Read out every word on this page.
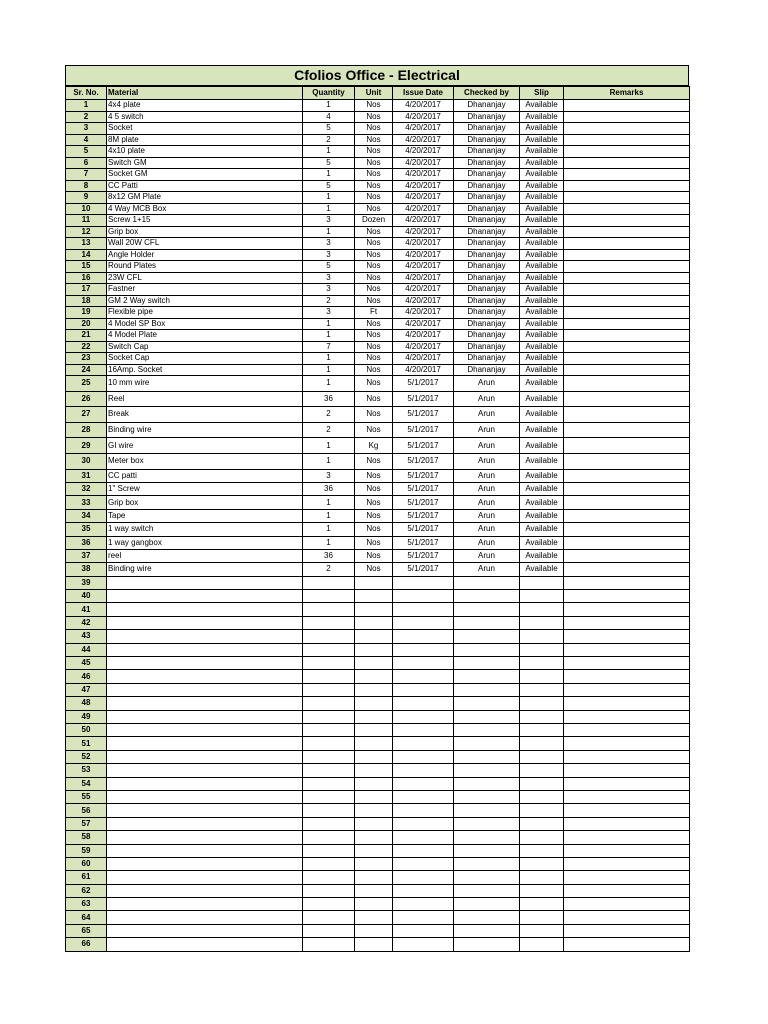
Cfolios Office - Electrical
Sr. No.	Material	Quantity	Unit	Issue Date	Checked by	Slip	Remarks
1	4x4 plate	1	Nos	4/20/2017	Dhananjay	Available	
2	4 5 switch	4	Nos	4/20/2017	Dhananjay	Available	
3	Socket	5	Nos	4/20/2017	Dhananjay	Available	
4	8M plate	2	Nos	4/20/2017	Dhananjay	Available	
5	4x10 plate	1	Nos	4/20/2017	Dhananjay	Available	
6	Switch GM	5	Nos	4/20/2017	Dhananjay	Available	
7	Socket GM	1	Nos	4/20/2017	Dhananjay	Available	
8	CC Patti	5	Nos	4/20/2017	Dhananjay	Available	
9	8x12 GM Plate	1	Nos	4/20/2017	Dhananjay	Available	
10	4 Way MCB Box	1	Nos	4/20/2017	Dhananjay	Available	
11	Screw 1+15	3	Dozen	4/20/2017	Dhananjay	Available	
12	Grip box	1	Nos	4/20/2017	Dhananjay	Available	
13	Wall 20W CFL	3	Nos	4/20/2017	Dhananjay	Available	
14	Angle Holder	3	Nos	4/20/2017	Dhananjay	Available	
15	Round Plates	5	Nos	4/20/2017	Dhananjay	Available	
16	23W CFL	3	Nos	4/20/2017	Dhananjay	Available	
17	Fastner	3	Nos	4/20/2017	Dhananjay	Available	
18	GM 2 Way switch	2	Nos	4/20/2017	Dhananjay	Available	
19	Flexible pipe	3	Ft	4/20/2017	Dhananjay	Available	
20	4 Model SP Box	1	Nos	4/20/2017	Dhananjay	Available	
21	4 Model Plate	1	Nos	4/20/2017	Dhananjay	Available	
22	Switch Cap	7	Nos	4/20/2017	Dhananjay	Available	
23	Socket Cap	1	Nos	4/20/2017	Dhananjay	Available	
24	16Amp. Socket	1	Nos	4/20/2017	Dhananjay	Available	
25	10 mm wire	1	Nos	5/1/2017	Arun	Available	
26	Reel	36	Nos	5/1/2017	Arun	Available	
27	Break	2	Nos	5/1/2017	Arun	Available	
28	Binding wire	2	Nos	5/1/2017	Arun	Available	
29	GI wire	1	Kg	5/1/2017	Arun	Available	
30	Meter box	1	Nos	5/1/2017	Arun	Available	
31	CC patti	3	Nos	5/1/2017	Arun	Available	
32	1" Screw	36	Nos	5/1/2017	Arun	Available	
33	Grip box	1	Nos	5/1/2017	Arun	Available	
34	Tape	1	Nos	5/1/2017	Arun	Available	
35	1 way switch	1	Nos	5/1/2017	Arun	Available	
36	1 way gangbox	1	Nos	5/1/2017	Arun	Available	
37	reel	36	Nos	5/1/2017	Arun	Available	
38	Binding wire	2	Nos	5/1/2017	Arun	Available	
39							
40							
41							
42							
43							
44							
45							
46							
47							
48							
49							
50							
51							
52							
53							
54							
55							
56							
57							
58							
59							
60							
61							
62							
63							
64							
65							
66							
